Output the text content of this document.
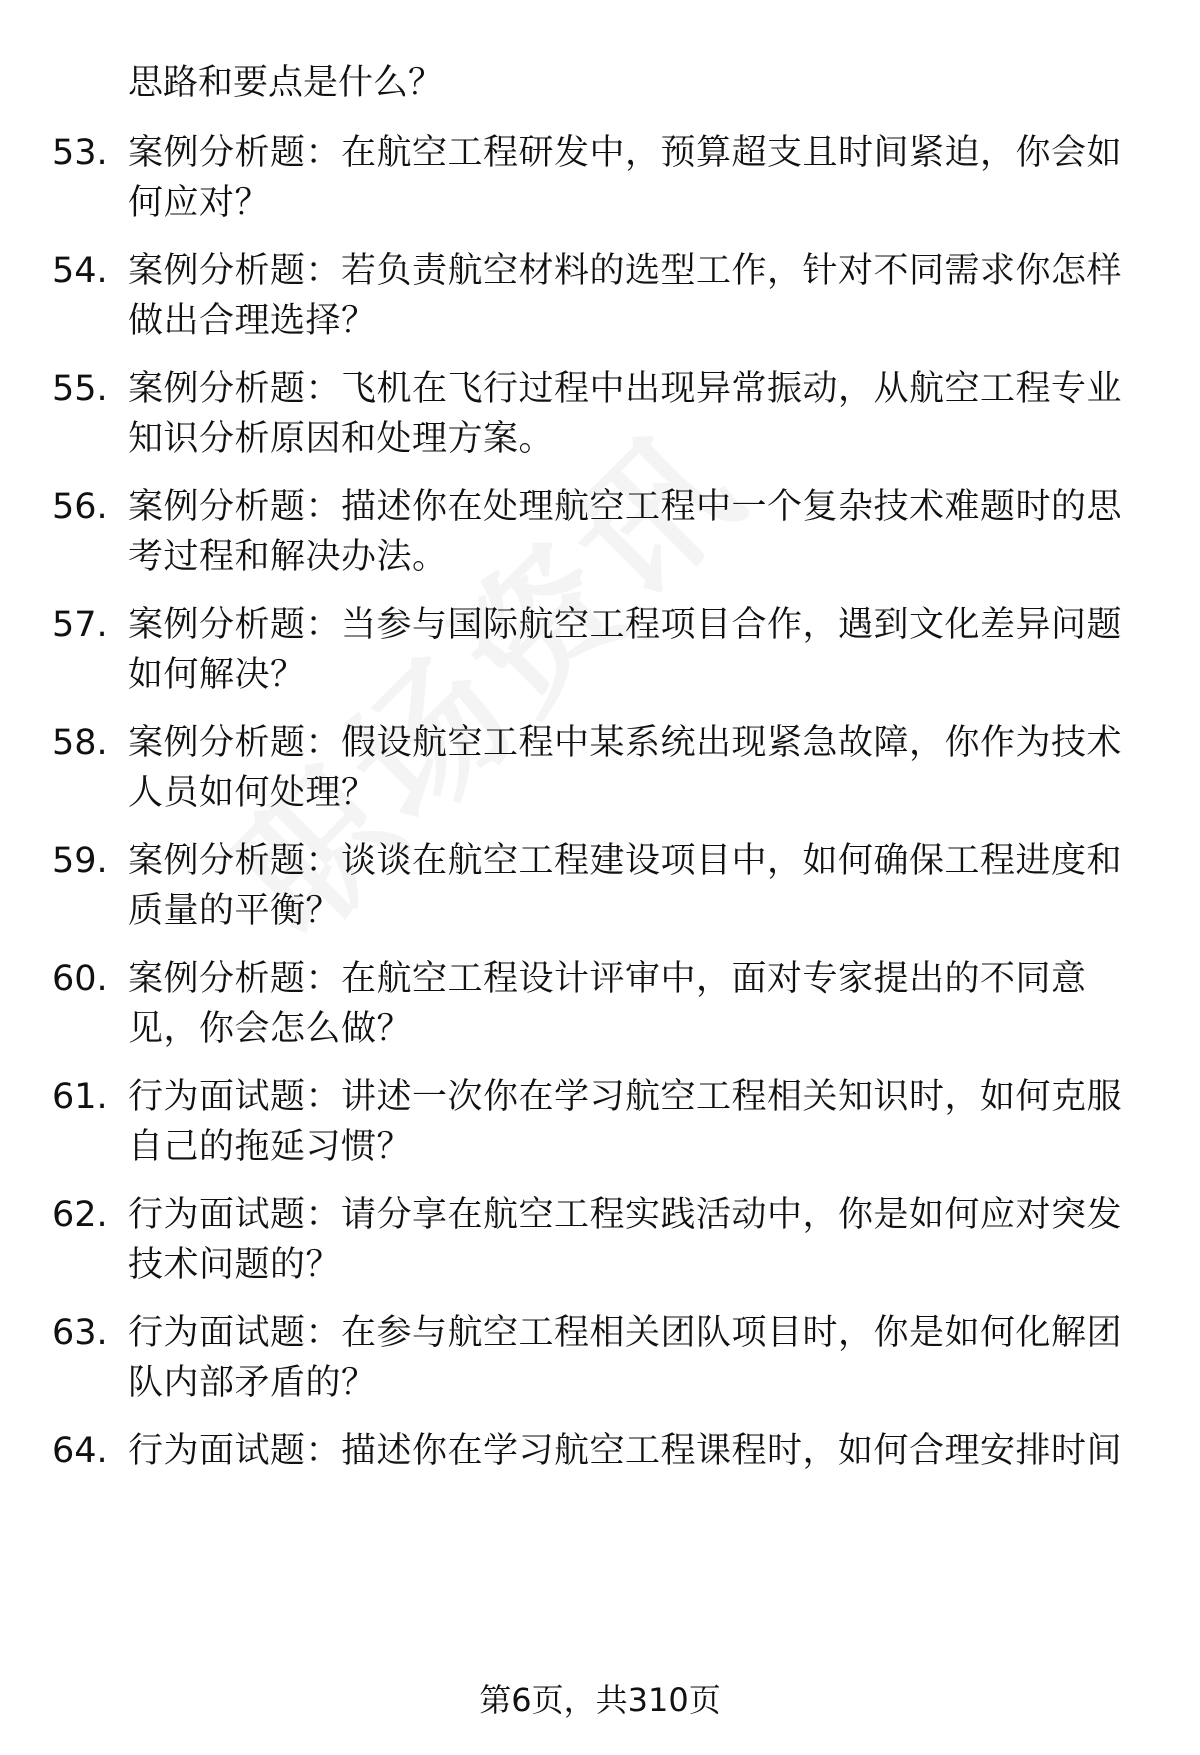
思路和要点是什么？
53. 案例分析题：在航空工程研发中，预算超支且时间紧迫，你会如何应对？
54. 案例分析题：若负责航空材料的选型工作，针对不同需求你怎样做出合理选择？
55. 案例分析题：飞机在飞行过程中出现异常振动，从航空工程专业知识分析原因和处理方案。
56. 案例分析题：描述你在处理航空工程中一个复杂技术难题时的思考过程和解决办法。
57. 案例分析题：当参与国际航空工程项目合作，遇到文化差异问题如何解决？
58. 案例分析题：假设航空工程中某系统出现紧急故障，你作为技术人员如何处理？
59. 案例分析题：谈谈在航空工程建设项目中，如何确保工程进度和质量的平衡？
60. 案例分析题：在航空工程设计评审中，面对专家提出的不同意见，你会怎么做？
61. 行为面试题：讲述一次你在学习航空工程相关知识时，如何克服自己的拖延习惯？
62. 行为面试题：请分享在航空工程实践活动中，你是如何应对突发技术问题的？
63. 行为面试题：在参与航空工程相关团队项目时，你是如何化解团队内部矛盾的？
64. 行为面试题：描述你在学习航空工程课程时，如何合理安排时间
第6页，共310页
